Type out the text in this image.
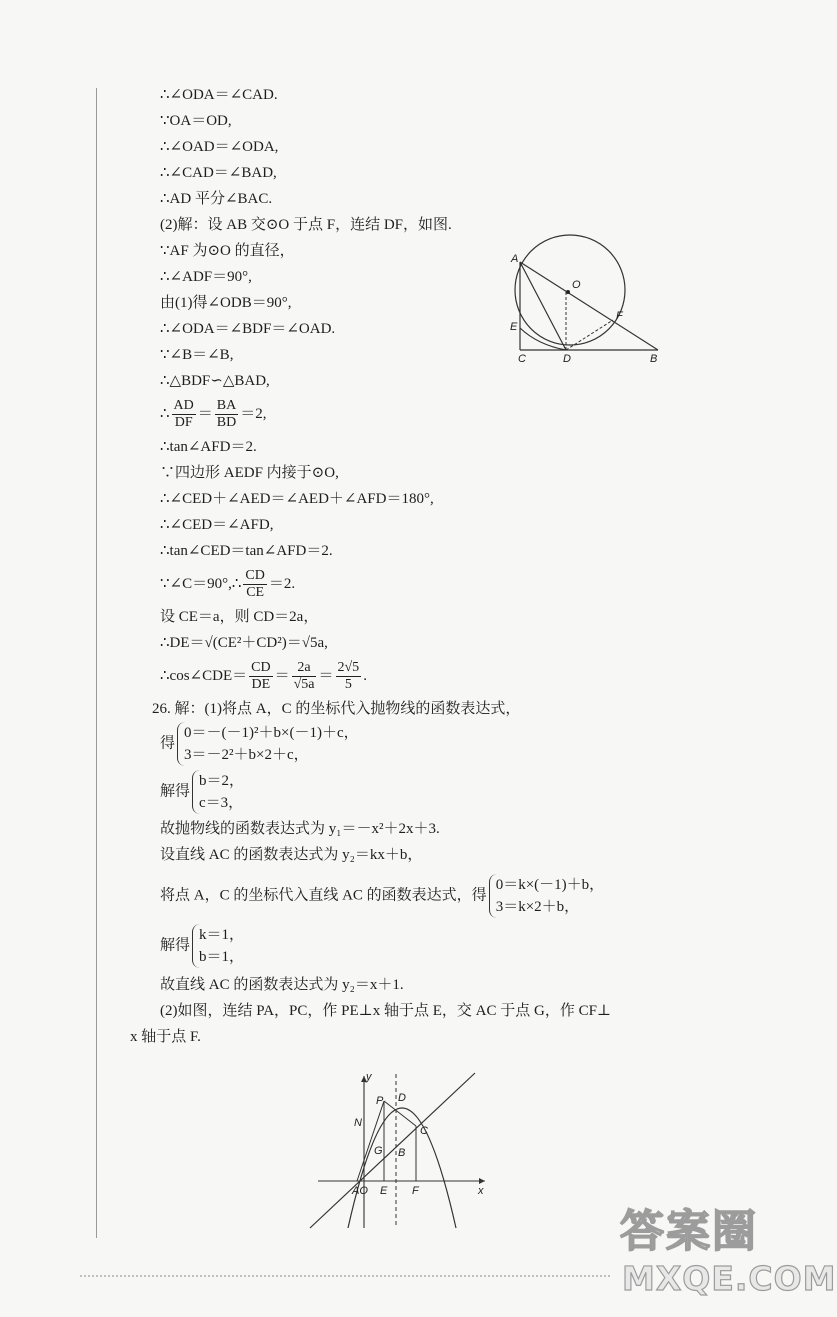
∴∠ODA＝∠CAD.
∵OA＝OD,
∴∠OAD＝∠ODA,
∴∠CAD＝∠BAD,
∴AD 平分∠BAC.
(2)解：设 AB 交⊙O 于点 F，连结 DF，如图.
∵AF 为⊙O 的直径，
∴∠ADF＝90°,
由(1)得∠ODB＝90°,
∴∠ODA＝∠BDF＝∠OAD.
∵∠B＝∠B,
∴△BDF∽△BAD,
∴ $\frac{AD}{DF} = \frac{BA}{BD} =2$,
∴tan∠AFD＝2.
∵四边形 AEDF 内接于⊙O,
∴∠CED＋∠AED＝∠AED＋∠AFD＝180°,
∴∠CED＝∠AFD,
∴tan∠CED＝tan∠AFD＝2.
∵∠C＝90°,∴ $\frac{CD}{CE} =2$.
设 CE＝a，则 CD＝2a，
∴DE＝√(CE²＋CD²)＝√5a,
∴cos∠CDE＝ $\frac{CD}{DE} = \frac{2a}{√5a} = \frac{2√5}{5}$ .
26. 解：(1)将点 A，C 的坐标代入抛物线的函数表达式，
得
0＝－(－1)²＋b×(－1)＋c，
3＝－2²＋b×2＋c，
解得
b＝2，
c＝3，
故抛物线的函数表达式为 y₁＝－x²＋2x＋3.
设直线 AC 的函数表达式为 y₂＝kx＋b，
将点 A，C 的坐标代入直线 AC 的函数表达式，得
0＝k×(－1)＋b，
3＝k×2＋b，
解得
k＝1，
b＝1，
故直线 AC 的函数表达式为 y₂＝x＋1.
(2)如图，连结 PA，PC，作 PE⊥x 轴于点 E，交 AC 于点 G，作 CF⊥
x 轴于点 F.
A
O
E
F
C	D	B
y
x
P D
N
C
G B
AO E F
答案圈
MXQE.COM
